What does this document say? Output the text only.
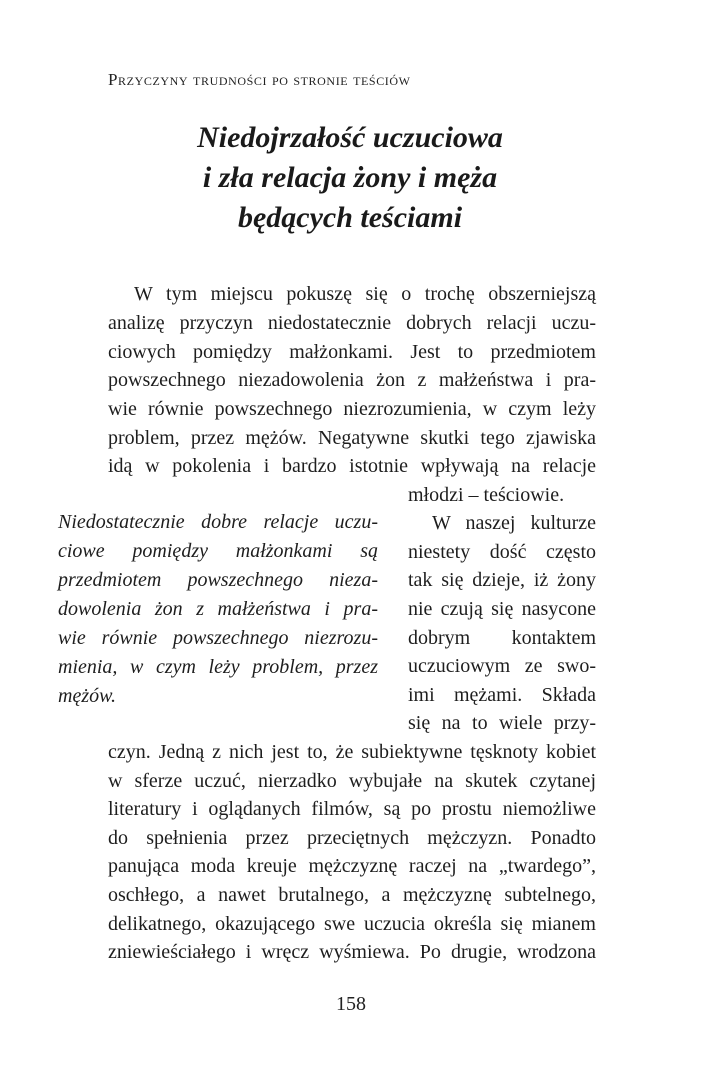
Przyczyny trudności po stronie teściów
Niedojrzałość uczuciowa
i zła relacja żony i męża
będących teściami
W tym miejscu pokuszę się o trochę obszerniejszą
analizę przyczyn niedostatecznie dobrych relacji uczu-
ciowych pomiędzy małżonkami. Jest to przedmiotem
powszechnego niezadowolenia żon z małżeństwa i pra-
wie równie powszechnego niezrozumienia, w czym leży
problem, przez mężów. Negatywne skutki tego zjawiska
idą w pokolenia i bardzo istotnie wpływają na relacje
młodzi – teściowie.
W naszej kulturze
niestety dość często
tak się dzieje, iż żony
nie czują się nasycone
dobrym kontaktem
uczuciowym ze swo-
imi mężami. Składa
się na to wiele przy-
Niedostatecznie dobre relacje uczu-
ciowe pomiędzy małżonkami są
przedmiotem powszechnego nieza-
dowolenia żon z małżeństwa i pra-
wie równie powszechnego niezrozu-
mienia, w czym leży problem, przez
mężów.
czyn. Jedną z nich jest to, że subiektywne tęsknoty kobiet
w sferze uczuć, nierzadko wybujałe na skutek czytanej
literatury i oglądanych filmów, są po prostu niemożliwe
do spełnienia przez przeciętnych mężczyzn. Ponadto
panująca moda kreuje mężczyznę raczej na „twardego”,
oschłego, a nawet brutalnego, a mężczyznę subtelnego,
delikatnego, okazującego swe uczucia określa się mianem
zniewieściałego i wręcz wyśmiewa. Po drugie, wrodzona
158
